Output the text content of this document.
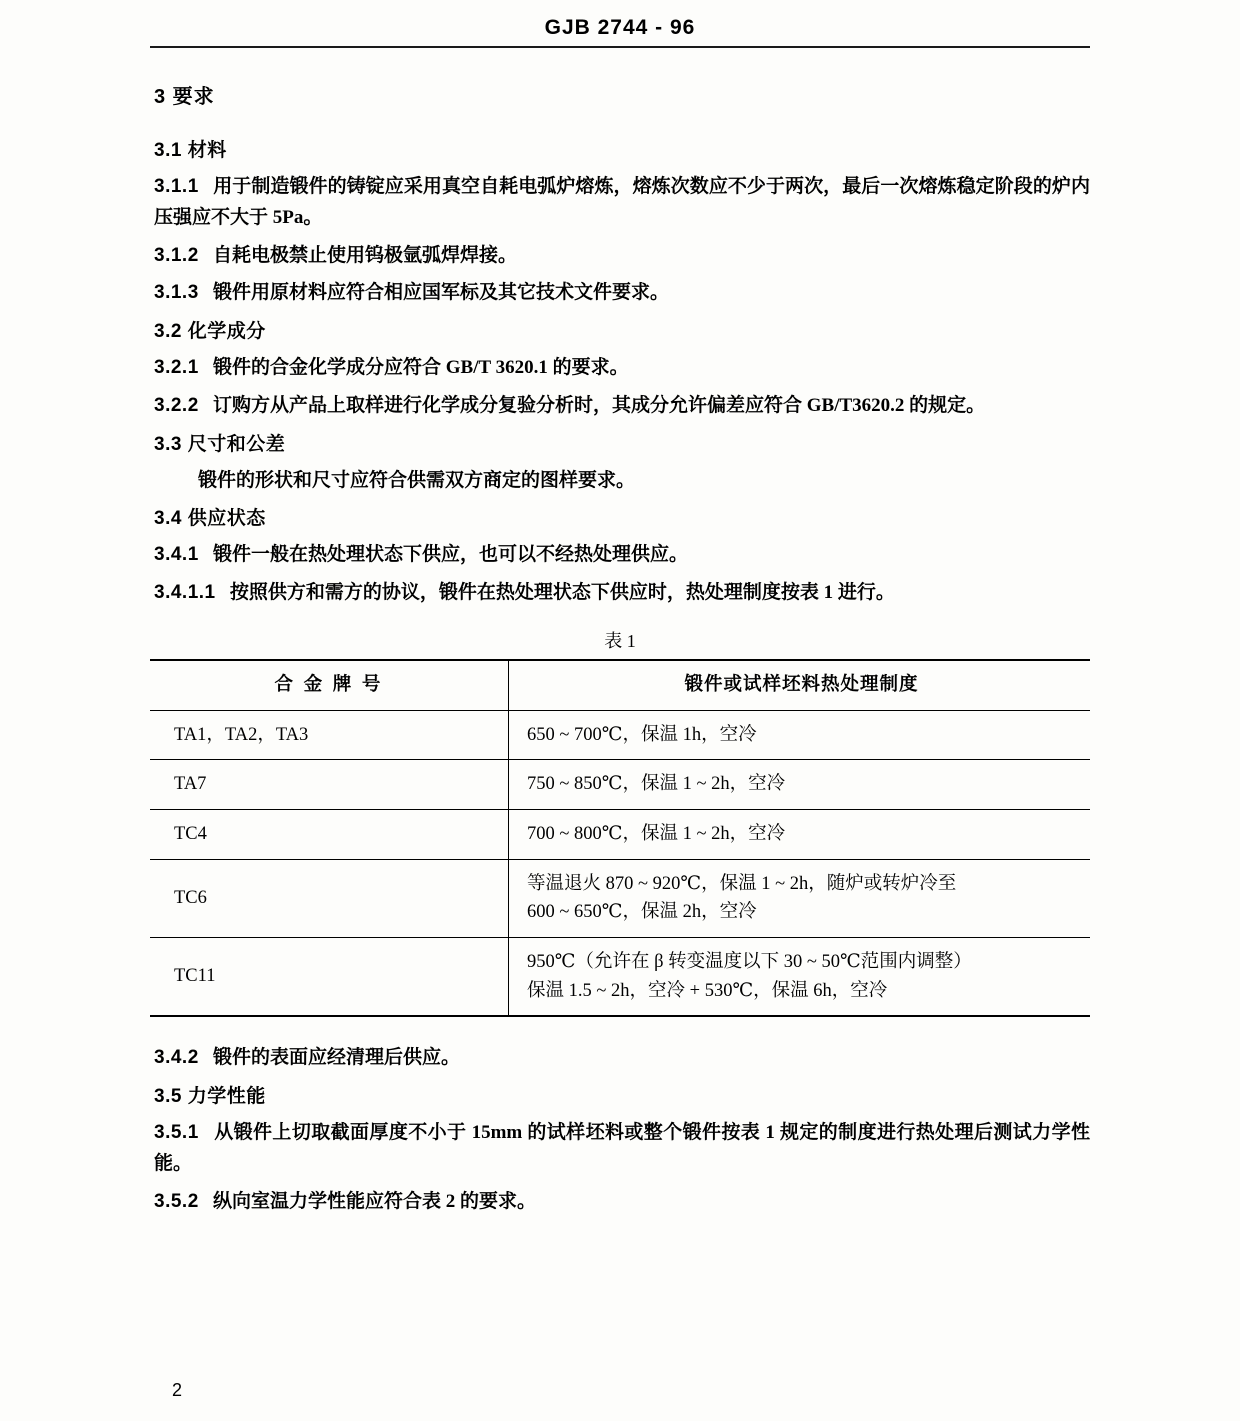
GJB 2744 - 96
3 要求
3.1 材料

3.1.1 用于制造锻件的铸锭应采用真空自耗电弧炉熔炼，熔炼次数应不少于两次，最后一次熔炼稳定阶段的炉内压强应不大于 5Pa。

3.1.2 自耗电极禁止使用钨极氩弧焊焊接。

3.1.3 锻件用原材料应符合相应国军标及其它技术文件要求。

3.2 化学成分

3.2.1 锻件的合金化学成分应符合 GB/T 3620.1 的要求。

3.2.2 订购方从产品上取样进行化学成分复验分析时，其成分允许偏差应符合 GB/T3620.2 的规定。

3.3 尺寸和公差

锻件的形状和尺寸应符合供需双方商定的图样要求。

3.4 供应状态

3.4.1 锻件一般在热处理状态下供应，也可以不经热处理供应。

3.4.1.1 按照供方和需方的协议，锻件在热处理状态下供应时，热处理制度按表 1 进行。

表 1
合 金 牌 号	锻件或试样坯料热处理制度
TA1，TA2，TA3	650 ~ 700℃，保温 1h，空冷

TA7	750 ~ 850℃，保温 1 ~ 2h，空冷

TC4	700 ~ 800℃，保温 1 ~ 2h，空冷

TC6	等温退火 870 ~ 920℃，保温 1 ~ 2h，随炉或转炉冷至
600 ~ 650℃，保温 2h，空冷

TC11	950℃（允许在 β 转变温度以下 30 ~ 50℃范围内调整）
保温 1.5 ~ 2h，空冷 + 530℃，保温 6h，空冷

3.4.2 锻件的表面应经清理后供应。

3.5 力学性能

3.5.1 从锻件上切取截面厚度不小于 15mm 的试样坯料或整个锻件按表 1 规定的制度进行热处理后测试力学性能。

3.5.2 纵向室温力学性能应符合表 2 的要求。

2
